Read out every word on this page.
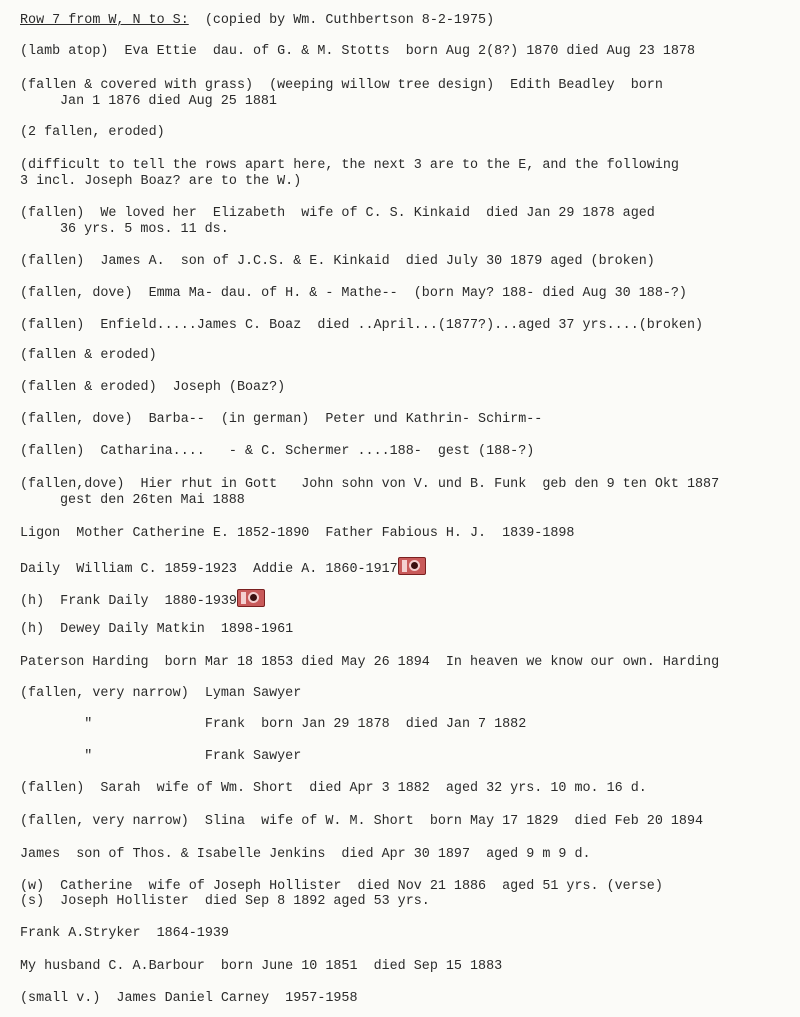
Row 7 from W, N to S: (copied by Wm. Cuthbertson 8-2-1975)
(lamb atop)  Eva Ettie  dau. of G. & M. Stotts  born Aug 2(8?) 1870 died Aug 23 1878
(fallen & covered with grass)  (weeping willow tree design)  Edith Beadley  born
Jan 1 1876 died Aug 25 1881
(2 fallen, eroded)
(difficult to tell the rows apart here, the next 3 are to the E, and the following
3 incl. Joseph Boaz? are to the W.)
(fallen)  We loved her  Elizabeth  wife of C. S. Kinkaid  died Jan 29 1878 aged
36 yrs. 5 mos. 11 ds.
(fallen)  James A.  son of J.C.S. & E. Kinkaid  died July 30 1879 aged (broken)
(fallen, dove)  Emma Ma- dau. of H. & - Mathe--  (born May? 188- died Aug 30 188-?)
(fallen)  Enfield.....James C. Boaz  died ..April...(1877?)...aged 37 yrs....(broken)
(fallen & eroded)
(fallen & eroded)  Joseph (Boaz?)
(fallen, dove)  Barba--  (in german)  Peter und Kathrin- Schirm--
(fallen)  Catharina....   - & C. Schermer ....188-  gest (188-?)
(fallen,dove)  Hier rhut in Gott   John sohn von V. und B. Funk  geb den 9 ten Okt 1887
gest den 26ten Mai 1888
Ligon  Mother Catherine E. 1852-1890  Father Fabious H. J.  1839-1898
Daily  William C. 1859-1923  Addie A. 1860-1917
(h)  Frank Daily  1880-1939
(h)  Dewey Daily Matkin  1898-1961
Paterson Harding  born Mar 18 1853 died May 26 1894  In heaven we know our own. Harding
(fallen, very narrow)  Lyman Sawyer
"              Frank  born Jan 29 1878  died Jan 7 1882
"              Frank Sawyer
(fallen)  Sarah  wife of Wm. Short  died Apr 3 1882  aged 32 yrs. 10 mo. 16 d.
(fallen, very narrow)  Slina  wife of W. M. Short  born May 17 1829  died Feb 20 1894
James  son of Thos. & Isabelle Jenkins  died Apr 30 1897  aged 9 m 9 d.
(w)  Catherine  wife of Joseph Hollister  died Nov 21 1886  aged 51 yrs. (verse)
(s)  Joseph Hollister  died Sep 8 1892 aged 53 yrs.
Frank A.Stryker  1864-1939
My husband C. A.Barbour  born June 10 1851  died Sep 15 1883
(small v.)  James Daniel Carney  1957-1958
